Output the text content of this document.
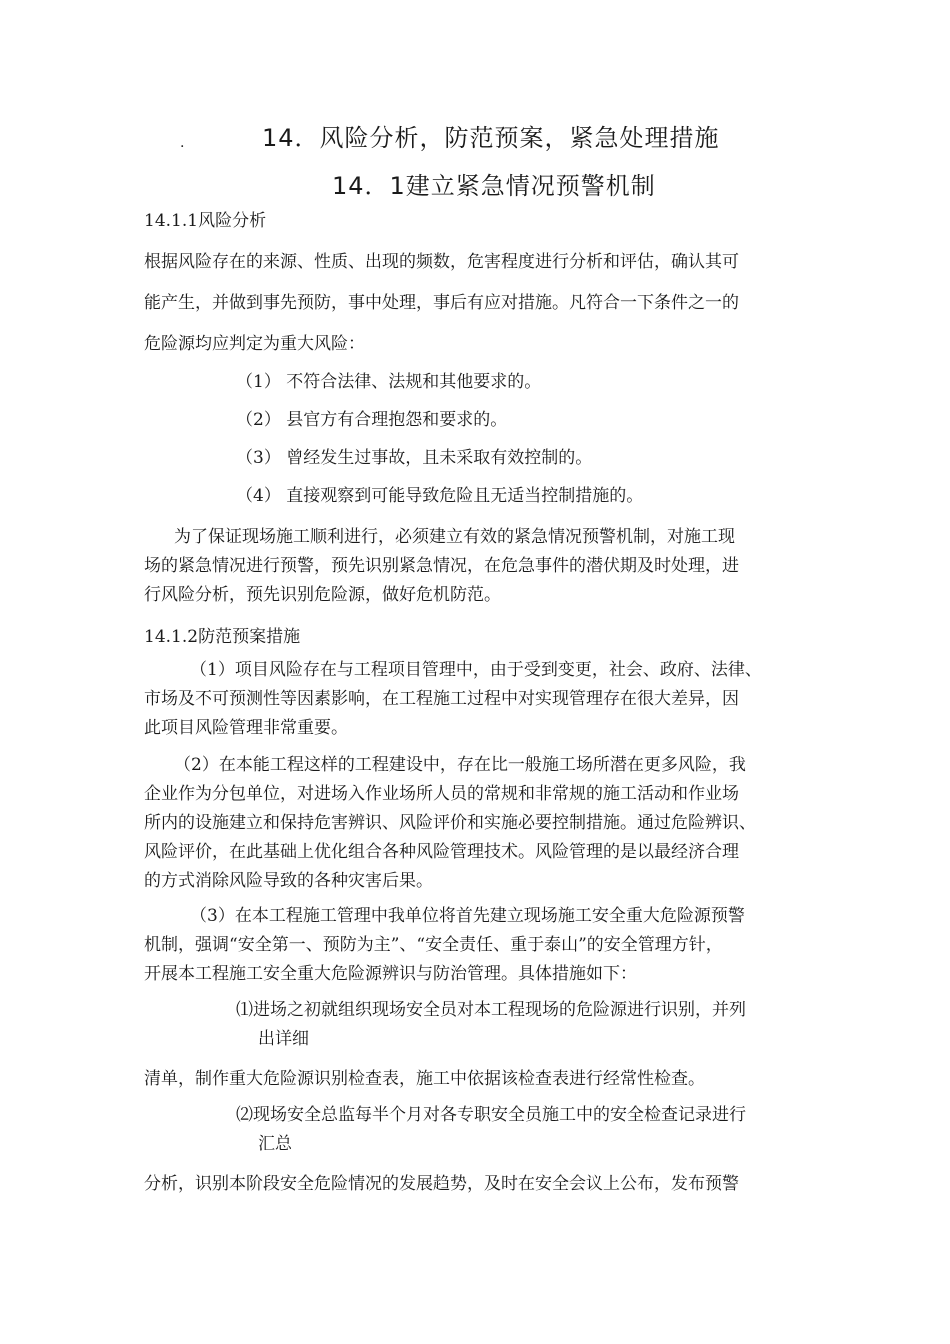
.	14．风险分析，防范预案，紧急处理措施
14．1建立紧急情况预警机制
14.1.1风险分析
根据风险存在的来源、性质、出现的频数，危害程度进行分析和评估，确认其可
能产生，并做到事先预防，事中处理，事后有应对措施。凡符合一下条件之一的
危险源均应判定为重大风险：
（1） 不符合法律、法规和其他要求的。
（2） 县官方有合理抱怨和要求的。
（3） 曾经发生过事故，且未采取有效控制的。
（4） 直接观察到可能导致危险且无适当控制措施的。
为了保证现场施工顺利进行，必须建立有效的紧急情况预警机制，对施工现
场的紧急情况进行预警，预先识别紧急情况，在危急事件的潜伏期及时处理，进
行风险分析，预先识别危险源，做好危机防范。
14.1.2防范预案措施
（1）项目风险存在与工程项目管理中，由于受到变更，社会、政府、法律、
市场及不可预测性等因素影响，在工程施工过程中对实现管理存在很大差异，因
此项目风险管理非常重要。
（2）在本能工程这样的工程建设中，存在比一般施工场所潜在更多风险，我
企业作为分包单位，对进场入作业场所人员的常规和非常规的施工活动和作业场
所内的设施建立和保持危害辨识、风险评价和实施必要控制措施。通过危险辨识、
风险评价，在此基础上优化组合各种风险管理技术。风险管理的是以最经济合理
的方式消除风险导致的各种灾害后果。
（3）在本工程施工管理中我单位将首先建立现场施工安全重大危险源预警
机制，强调“安全第一、预防为主”、“安全责任、重于泰山”的安全管理方针，
开展本工程施工安全重大危险源辨识与防治管理。具体措施如下：
⑴进场之初就组织现场安全员对本工程现场的危险源进行识别，并列
出详细
清单，制作重大危险源识别检查表，施工中依据该检查表进行经常性检查。
⑵现场安全总监每半个月对各专职安全员施工中的安全检查记录进行
汇总
分析，识别本阶段安全危险情况的发展趋势，及时在安全会议上公布，发布预警
